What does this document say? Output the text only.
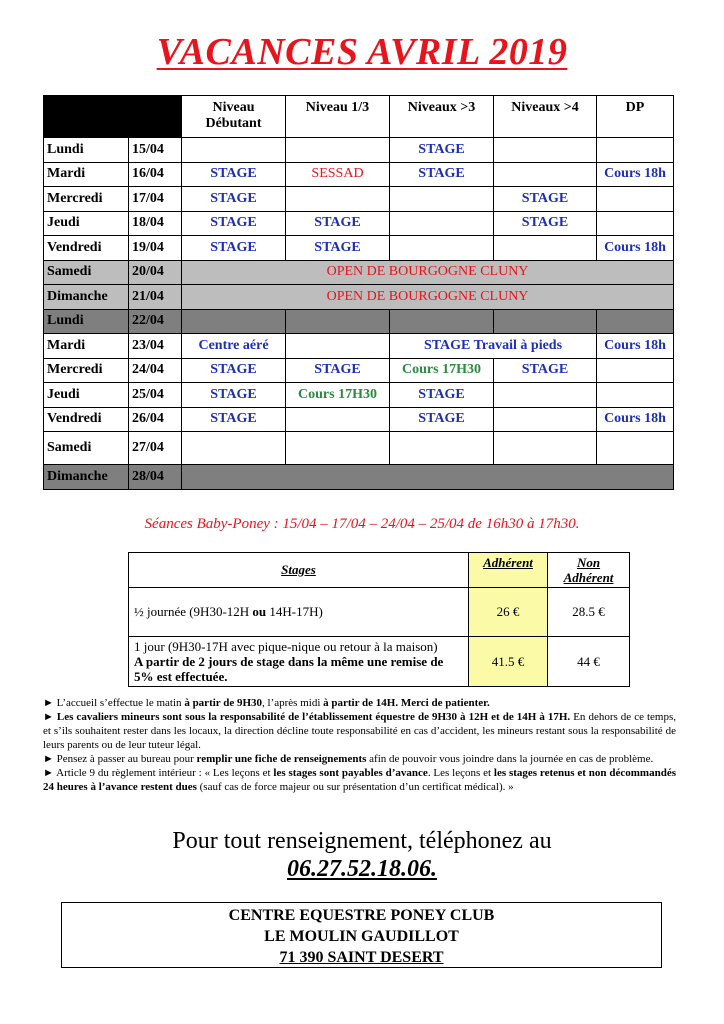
VACANCES AVRIL 2019
		Niveau Débutant	Niveau 1/3	Niveaux >3	Niveaux >4	DP
Lundi	15/04			STAGE		
Mardi	16/04	STAGE	SESSAD	STAGE		Cours 18h
Mercredi	17/04	STAGE			STAGE	
Jeudi	18/04	STAGE	STAGE		STAGE	
Vendredi	19/04	STAGE	STAGE			Cours 18h
Samedi	20/04	OPEN DE BOURGOGNE CLUNY				
Dimanche	21/04	OPEN DE BOURGOGNE CLUNY				
Lundi	22/04					
Mardi	23/04	Centre aéré		STAGE Travail à pieds		Cours 18h
Mercredi	24/04	STAGE	STAGE	Cours 17H30	STAGE	
Jeudi	25/04	STAGE	Cours 17H30	STAGE		
Vendredi	26/04	STAGE		STAGE		Cours 18h
Samedi	27/04					
Dimanche	28/04					
Séances Baby-Poney : 15/04 – 17/04 – 24/04 – 25/04 de 16h30 à 17h30.
Stages	Adhérent	Non
Adhérent
½ journée (9H30-12H ou 14H-17H)	26 €	28.5 €
1 jour (9H30-17H avec pique-nique ou retour à la maison)
A partir de 2 jours de stage dans la même une remise de 5% est effectuée.	41.5 €	44 €

► L’accueil s’effectue le matin à partir de 9H30, l’après midi à partir de 14H. Merci de patienter.

► Les cavaliers mineurs sont sous la responsabilité de l’établissement équestre de 9H30 à 12H et de 14H à 17H. En dehors de ce temps, et s’ils souhaitent rester dans les locaux, la direction décline toute responsabilité en cas d’accident, les mineurs restant sous la responsabilité de leurs parents ou de leur tuteur légal.

► Pensez à passer au bureau pour remplir une fiche de renseignements afin de pouvoir vous joindre dans la journée en cas de problème.

► Article 9 du règlement intérieur : « Les leçons et les stages sont payables d’avance. Les leçons et les stages retenus et non décommandés 24 heures à l’avance restent dues (sauf cas de force majeur ou sur présentation d’un certificat médical). »

Pour tout renseignement, téléphonez au
06.27.52.18.06.
CENTRE EQUESTRE PONEY CLUB
LE MOULIN GAUDILLOT
71 390 SAINT DESERT
